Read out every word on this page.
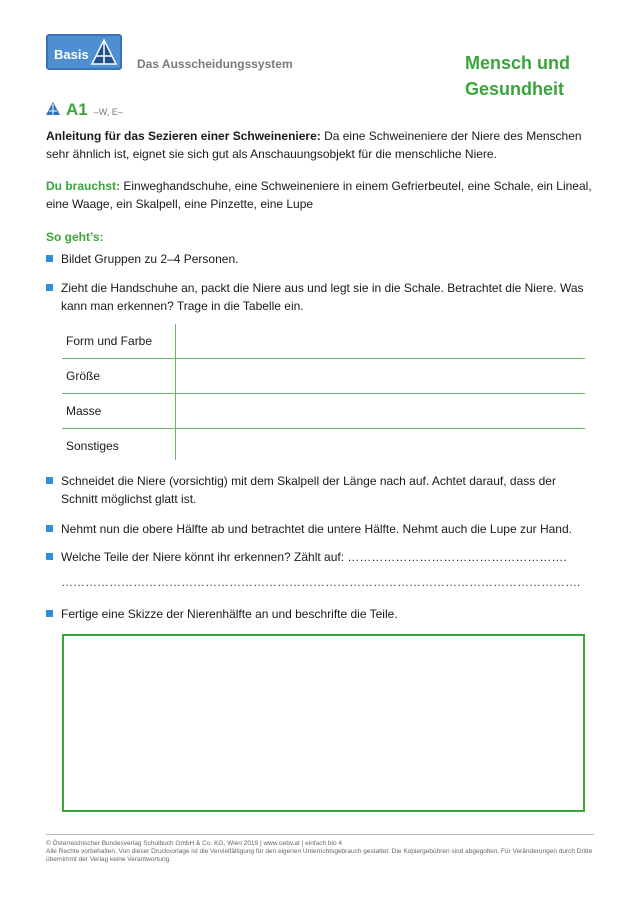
Basis
Das Ausscheidungssystem	Mensch und
Gesundheit
A1 –W, E–
Anleitung für das Sezieren einer Schweineniere: Da eine Schweineniere der Niere des Menschen sehr ähnlich ist, eignet sie sich gut als Anschauungsobjekt für die menschliche Niere.
Du brauchst: Einweghandschuhe, eine Schweineniere in einem Gefrierbeutel, eine Schale, ein Lineal, eine Waage, ein Skalpell, eine Pinzette, eine Lupe
So geht’s:
Bildet Gruppen zu 2–4 Personen.
Zieht die Handschuhe an, packt die Niere aus und legt sie in die Schale. Betrachtet die Niere. Was kann man erkennen? Trage in die Tabelle ein.
Form und Farbe
Größe
Masse
Sonstiges
Schneidet die Niere (vorsichtig) mit dem Skalpell der Länge nach auf. Achtet darauf, dass der Schnitt möglichst glatt ist.
Nehmt nun die obere Hälfte ab und betrachtet die untere Hälfte. Nehmt auch die Lupe zur Hand.
Welche Teile der Niere könnt ihr erkennen? Zählt auf: ……………………………………………….
………………………………………………………………………………………………………………….
Fertige eine Skizze der Nierenhälfte an und beschrifte die Teile.
© Österreichischer Bundesverlag Schulbuch GmbH & Co. KG, Wien 2019 | www.oebv.at | einfach bio 4
Alle Rechte vorbehalten. Von dieser Druckvorlage ist die Vervielfältigung für den eigenen Unterrichtsgebrauch gestattet. Die Kopiergebühren sind abgegolten. Für Veränderungen durch Dritte übernimmt der Verlag keine Verantwortung.
